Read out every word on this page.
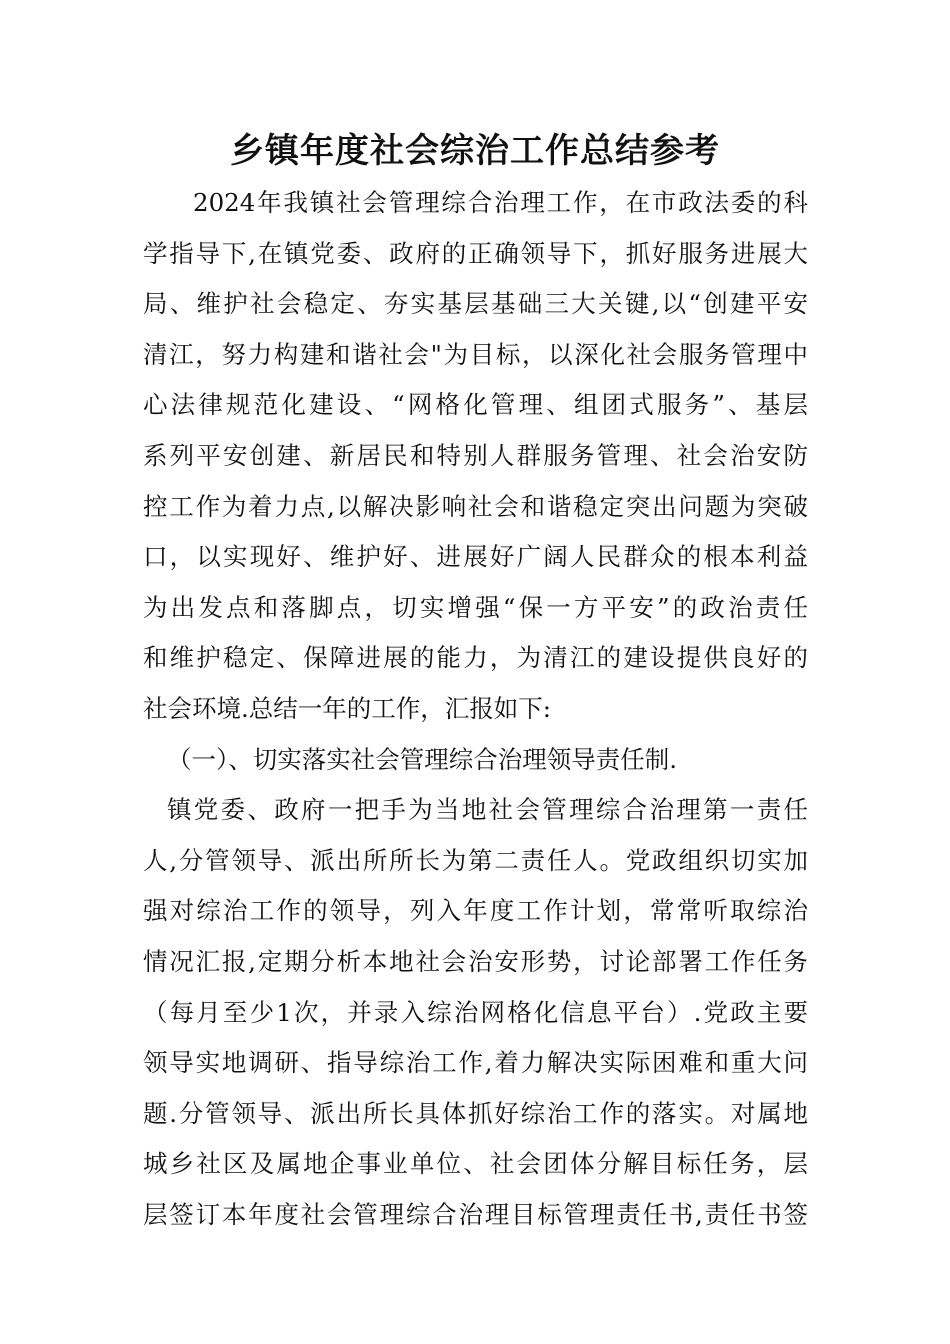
乡镇年度社会综治工作总结参考
2024年我镇社会管理综合治理工作，在市政法委的科
学指导下,在镇党委、政府的正确领导下，抓好服务进展大
局、维护社会稳定、夯实基层基础三大关键,以“创建平安
清江，努力构建和谐社会"为目标，以深化社会服务管理中
心法律规范化建设、“网格化管理、组团式服务”、基层
系列平安创建、新居民和特别人群服务管理、社会治安防
控工作为着力点,以解决影响社会和谐稳定突出问题为突破
口，以实现好、维护好、进展好广阔人民群众的根本利益
为出发点和落脚点，切实增强“保一方平安”的政治责任
和维护稳定、保障进展的能力，为清江的建设提供良好的
社会环境.总结一年的工作，汇报如下:
（一）、切实落实社会管理综合治理领导责任制.
镇党委、政府一把手为当地社会管理综合治理第一责任
人,分管领导、派出所所长为第二责任人。党政组织切实加
强对综治工作的领导，列入年度工作计划，常常听取综治
情况汇报,定期分析本地社会治安形势，讨论部署工作任务
（每月至少1次，并录入综治网格化信息平台）.党政主要
领导实地调研、指导综治工作,着力解决实际困难和重大问
题.分管领导、派出所长具体抓好综治工作的落实。对属地
城乡社区及属地企事业单位、社会团体分解目标任务，层
层签订本年度社会管理综合治理目标管理责任书,责任书签
